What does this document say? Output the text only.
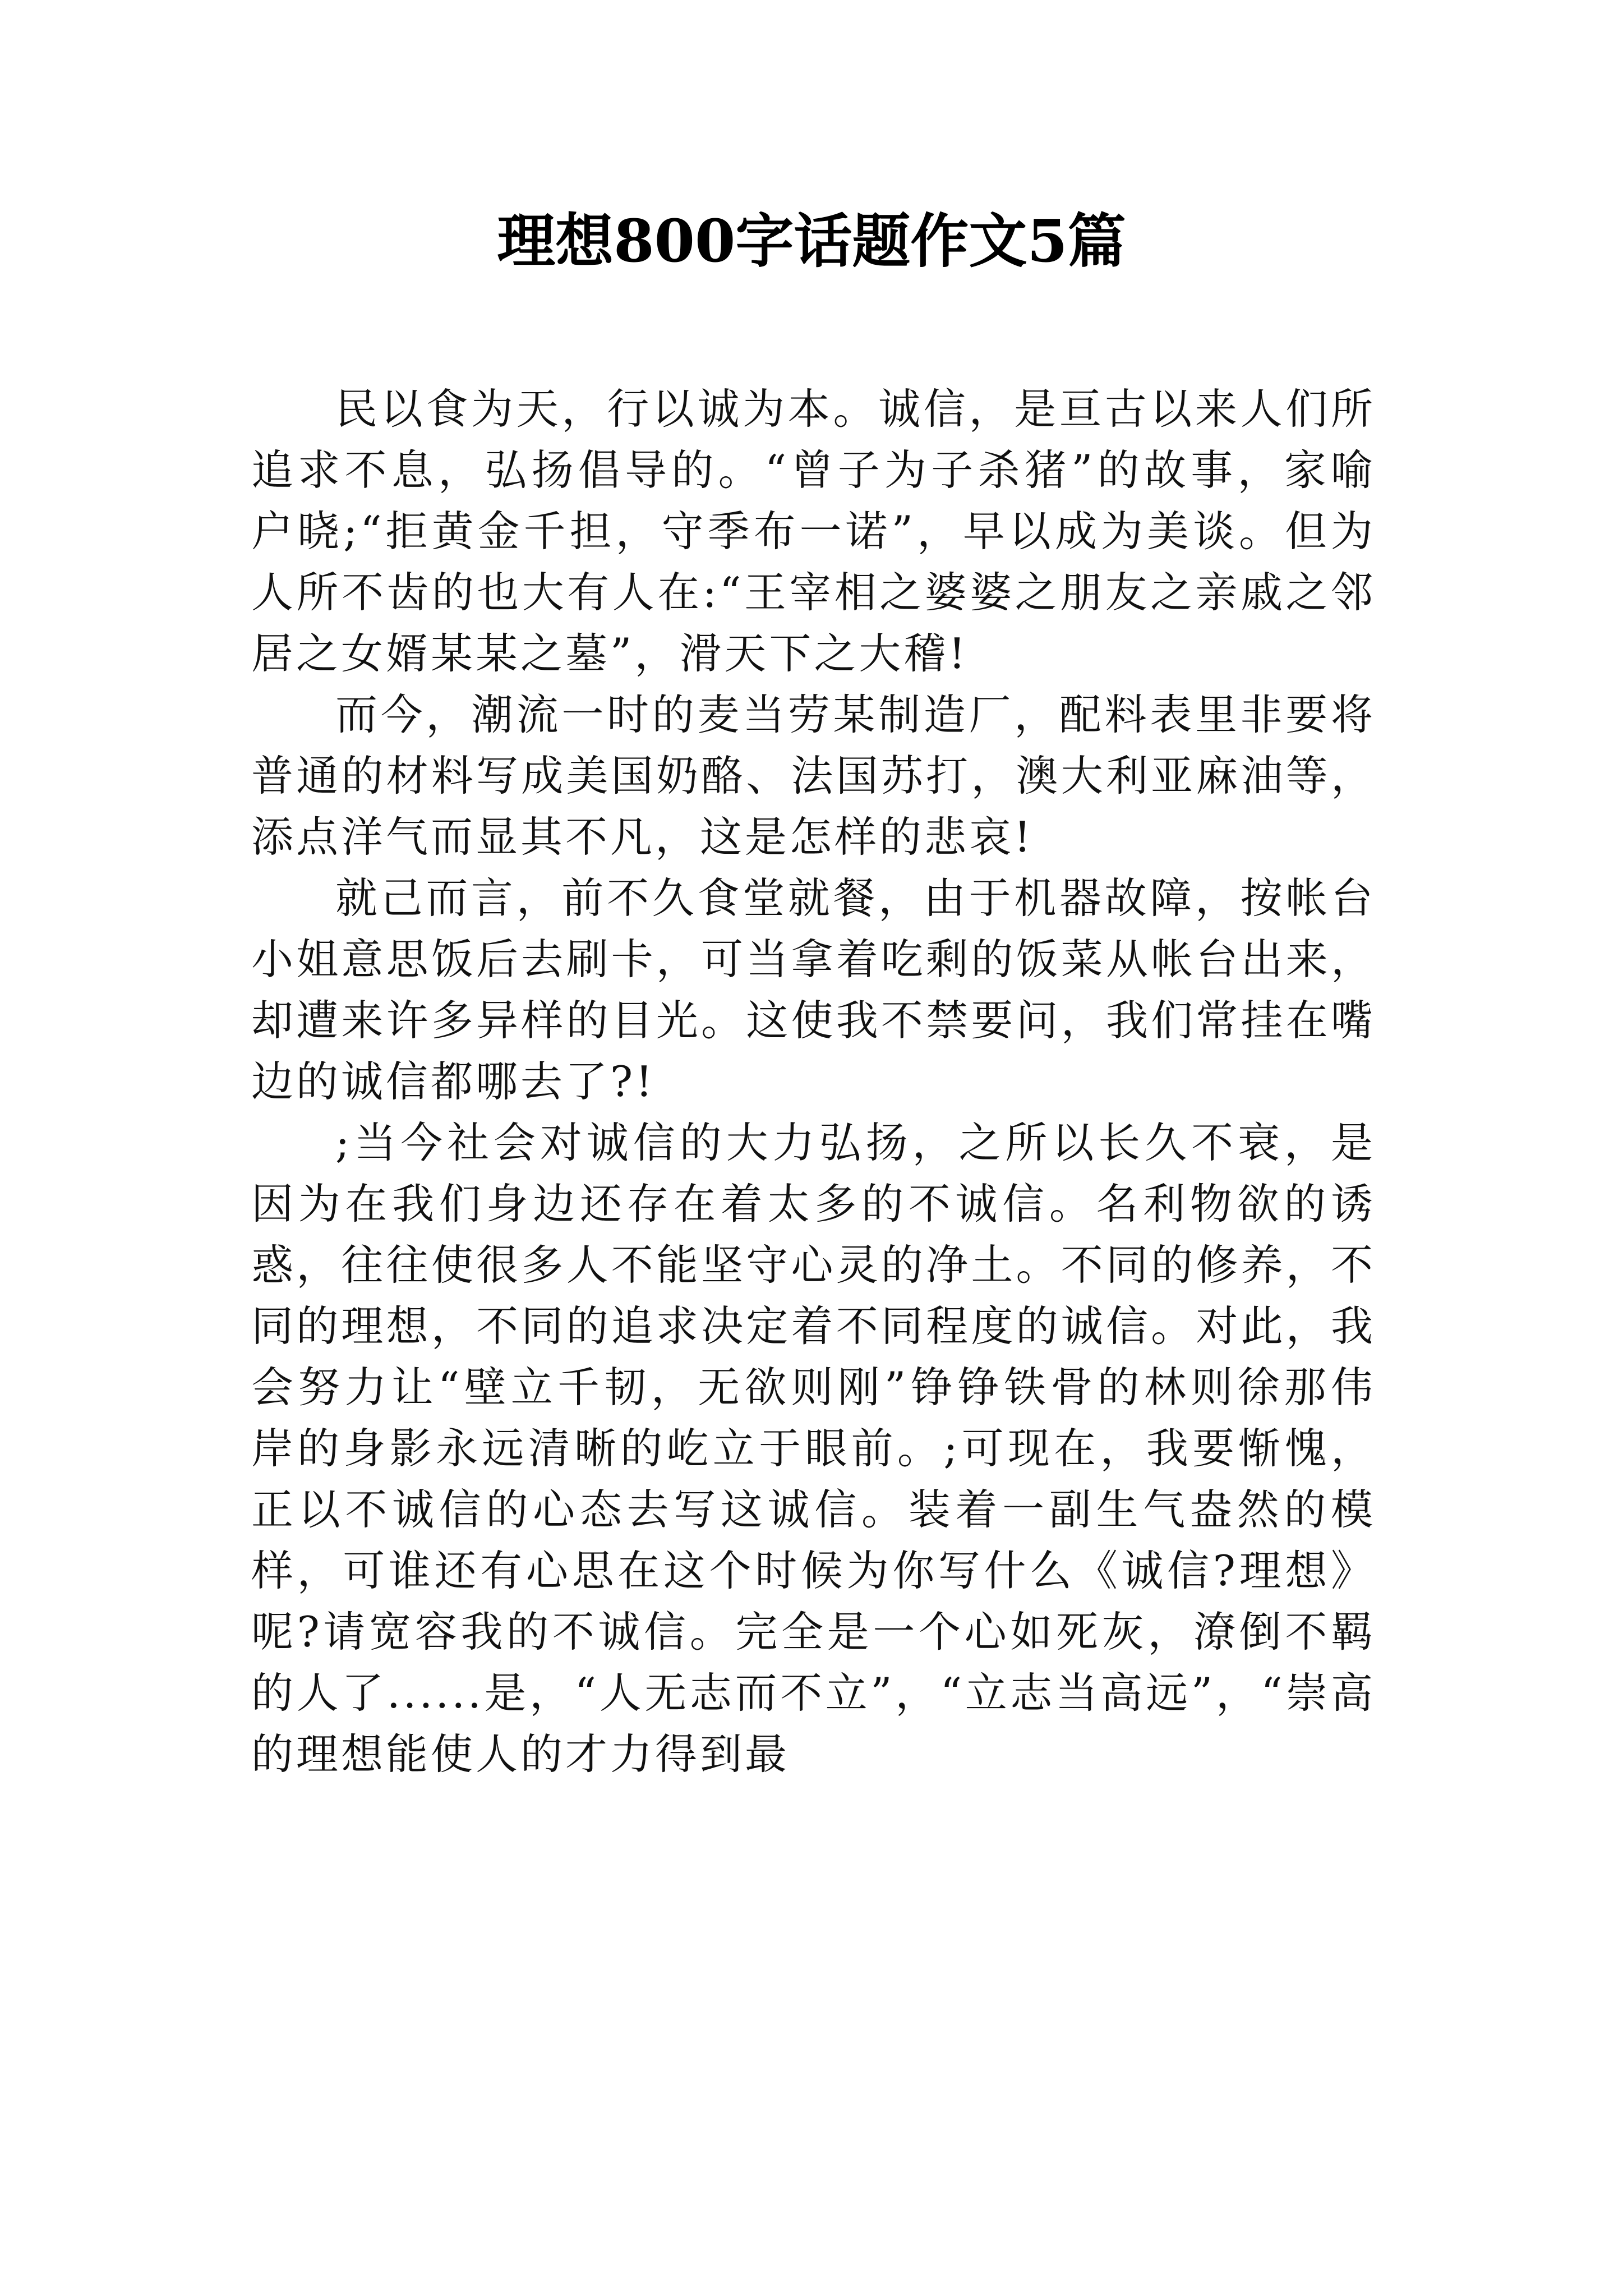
理想800字话题作文5篇

民以食为天，行以诚为本。诚信，是亘古以来人们所追求不息，弘扬倡导的。“曾子为子杀猪”的故事，家喻户晓;“拒黄金千担，守季布一诺”，早以成为美谈。但为人所不齿的也大有人在:“王宰相之婆婆之朋友之亲戚之邻居之女婿某某之墓”，滑天下之大稽!

而今，潮流一时的麦当劳某制造厂，配料表里非要将普通的材料写成美国奶酪、法国苏打，澳大利亚麻油等，添点洋气而显其不凡，这是怎样的悲哀!

就己而言，前不久食堂就餐，由于机器故障，按帐台小姐意思饭后去刷卡，可当拿着吃剩的饭菜从帐台出来，却遭来许多异样的目光。这使我不禁要问，我们常挂在嘴边的诚信都哪去了?!

;当今社会对诚信的大力弘扬，之所以长久不衰，是因为在我们身边还存在着太多的不诚信。名利物欲的诱惑，往往使很多人不能坚守心灵的净土。不同的修养，不同的理想，不同的追求决定着不同程度的诚信。对此，我会努力让“壁立千韧，无欲则刚”铮铮铁骨的林则徐那伟岸的身影永远清晰的屹立于眼前。;可现在，我要惭愧，正以不诚信的心态去写这诚信。装着一副生气盎然的模样，可谁还有心思在这个时候为你写什么《诚信?理想》呢?请宽容我的不诚信。完全是一个心如死灰，潦倒不羁的人了......是，“人无志而不立”，“立志当高远”，“崇高的理想能使人的才力得到最
